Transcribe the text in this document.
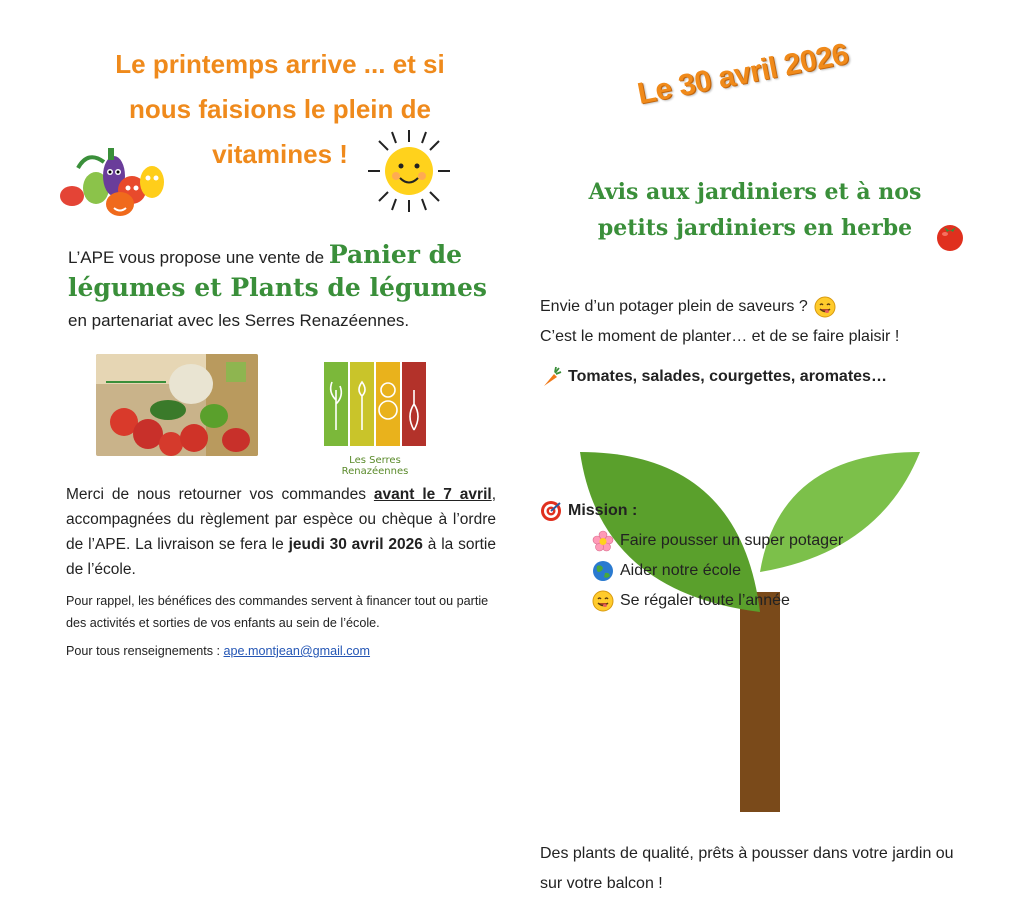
Le printemps arrive ... et si
nous faisions le plein de
vitamines !
L’APE vous propose une vente de Panier de légumes et Plants de légumes en partenariat avec les Serres Renazéennes.
Les Serres Renazéennes
Merci de nous retourner vos commandes avant le 7 avril, accompagnées du règlement par espèce ou chèque à l’ordre de l’APE. La livraison se fera le jeudi 30 avril 2026 à la sortie de l’école.
Pour rappel, les bénéfices des commandes servent à financer tout ou partie des activités et sorties de vos enfants au sein de l’école.
Pour tous renseignements : ape.montjean@gmail.com
Le 30 avril 2026
Avis aux jardiniers et à nos
petits jardiniers en herbe
Envie d’un potager plein de saveurs ?
C’est le moment de planter… et de se faire plaisir !
Tomates, salades, courgettes, aromates…
Des plants de qualité, prêts à pousser dans votre jardin ou sur votre balcon !
Mission :
Faire pousser un super potager
Aider notre école
Se régaler toute l’année
